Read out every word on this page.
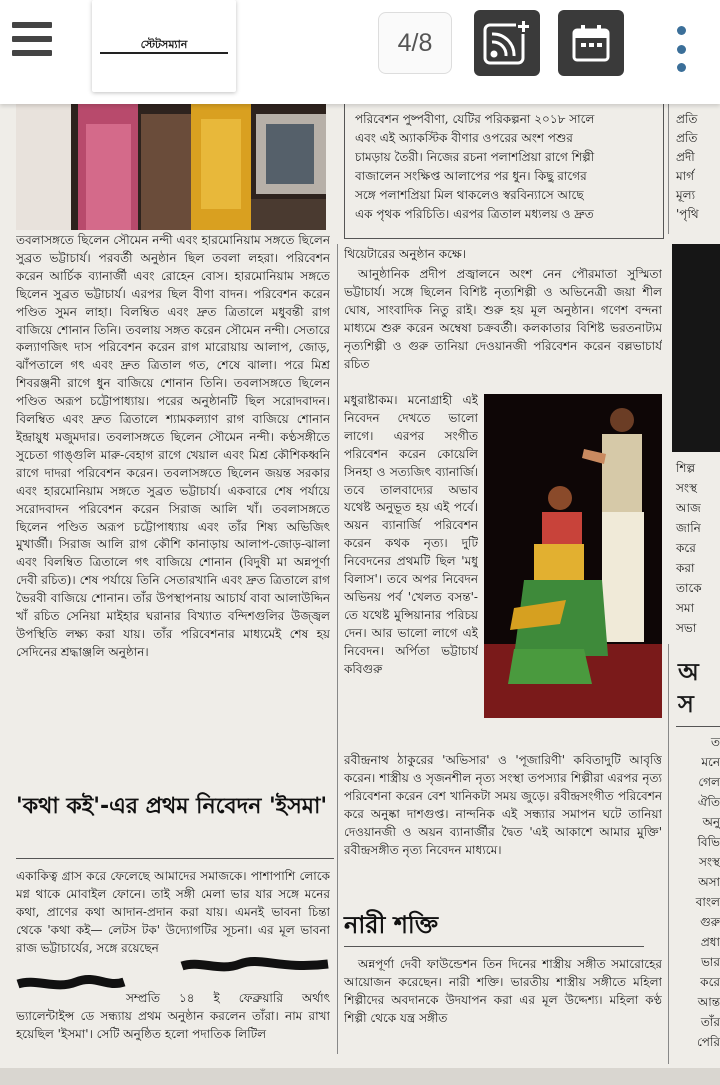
স্টেটসম্যান	4/8
পরিবেশন পুষ্পবীণা, যেটির পরিকল্পনা ২০১৮ সালে
এবং এই অ্যাকস্টিক বীণার ওপরের অংশ পশুর
চামড়ায় তৈরী। নিজের রচনা পলাশপ্রিয়া রাগে শিল্পী
বাজালেন সংক্ষিপ্ত আলাপের পর ধুন। কিছু রাগের
সঙ্গে পলাশপ্রিয়া মিল থাকলেও স্বরবিন্যাসে আছে
এক পৃথক পরিচিতি। এরপর ত্রিতাল মধ্যলয় ও দ্রুত
তবলাসঙ্গতে ছিলেন সৌমেন নন্দী এবং হারমোনিয়াম সঙ্গতে ছিলেন সুব্রত ভট্টাচার্য। পরবর্তী অনুষ্ঠান ছিল তবলা লহরা। পরিবেশন করেন আর্চিক ব্যানার্জী এবং রোহেন বোস। হারমোনিয়াম সঙ্গতে ছিলেন সুব্রত ভট্টাচার্য। এরপর ছিল বীণা বাদন। পরিবেশন করেন পণ্ডিত সুমন লাহা। বিলম্বিত এবং দ্রুত ত্রিতালে মধুবন্তী রাগ বাজিয়ে শোনান তিনি। তবলায় সঙ্গত করেন সৌমেন নন্দী। সেতারে কল্যাণজিৎ দাস পরিবেশন করেন রাগ মারোয়ায় আলাপ, জোড়, ঝাঁপতালে গৎ এবং দ্রুত ত্রিতাল গত, শেষে ঝালা। পরে মিশ্র শিবরঞ্জনী রাগে ধুন বাজিয়ে শোনান তিনি। তবলাসঙ্গতে ছিলেন পণ্ডিত অরূপ চট্টোপাধ্যায়। পরের অনুষ্ঠানটি ছিল সরোদবাদন। বিলম্বিত এবং দ্রুত ত্রিতালে শ্যামকল্যাণ রাগ বাজিয়ে শোনান ইন্দ্রায়ুধ মজুমদার। তবলাসঙ্গতে ছিলেন সৌমেন নন্দী। কণ্ঠসঙ্গীতে সুচেতা গাঙ্গুলি মারু-বেহাগ রাগে খেয়াল এবং মিশ্র কৌশিকধ্বনি রাগে দাদরা পরিবেশন করেন। তবলাসঙ্গতে ছিলেন জয়ন্ত সরকার এবং হারমোনিয়াম সঙ্গতে সুব্রত ভট্টাচার্য। একবারে শেষ পর্যায়ে সরোদবাদন পরিবেশন করেন সিরাজ আলি খাঁ। তবলাসঙ্গতে ছিলেন পণ্ডিত অরূপ চট্টোপাধ্যায় এবং তাঁর শিষ্য অভিজিৎ মুখার্জী। সিরাজ আলি রাগ কৌশি কানাড়ায় আলাপ-জোড়-ঝালা এবং বিলম্বিত ত্রিতালে গৎ বাজিয়ে শোনান (বিদুষী মা অন্নপূর্ণা দেবী রচিত)। শেষ পর্যায়ে তিনি সেতারখানি এবং দ্রুত ত্রিতালে রাগ ভৈরবী বাজিয়ে শোনান। তাঁর উপস্থাপনায় আচার্য বাবা আলাউদ্দিন খাঁ রচিত সেনিয়া মাইহার ঘরানার বিখ্যাত বন্দিশগুলির উজ্জ্বল উপস্থিতি লক্ষ্য করা যায়। তাঁর পরিবেশনার মাধ্যমেই শেষ হয় সেদিনের শ্রদ্ধাঞ্জলি অনুষ্ঠান।
'কথা কই'-এর প্রথম নিবেদন 'ইসমা'
একাকিত্ব গ্রাস করে ফেলেছে আমাদের সমাজকে। পাশাপাশি লোকে মগ্ন থাকে মোবাইল ফোনে। তাই সঙ্গী মেলা ভার যার সঙ্গে মনের কথা, প্রাণের কথা আদান-প্রদান করা যায়। এমনই ভাবনা চিন্তা থেকে 'কথা কই— লেটস টক' উদ্যোগটির সূচনা। এর মূল ভাবনা রাজ ভট্টাচার্যের, সঙ্গে রয়েছেন
সম্প্রতি ১৪ ই ফেব্রুয়ারি অর্থাৎ ভ্যালেন্টাইন্স ডে সন্ধ্যায় প্রথম অনুষ্ঠান করলেন তাঁরা। নাম রাখা হয়েছিল 'ইসমা'। সেটি অনুষ্ঠিত হলো পদাতিক লিটিল
থিয়েটারের অনুষ্ঠান কক্ষে।
আনুষ্ঠানিক প্রদীপ প্রজ্বালনে অংশ নেন পৌরমাতা সুস্মিতা ভট্টাচার্য। সঙ্গে ছিলেন বিশিষ্ট নৃত্যশিল্পী ও অভিনেত্রী জয়া শীল ঘোষ, সাংবাদিক নিতু রাই। শুরু হয় মূল অনুষ্ঠান। গণেশ বন্দনা মাধ্যমে শুরু করেন অম্বেষা চক্রবর্তী। কলকাতার বিশিষ্ট ভরতনাট্যম নৃত্যশিল্পী ও গুরু তানিয়া দেওয়ানজী পরিবেশন করেন বল্লভাচার্য রচিত
মধুরাষ্টাকম। মনোগ্রাহী এই নিবেদন দেখতে ভালো লাগে। এরপর সংগীত পরিবেশন করেন কোয়েলি সিনহা ও সত্যজিৎ ব্যানার্জি। তবে তালবাদ্যের অভাব যথেষ্ট অনুভূত হয় এই পর্বে। অয়ন ব্যানার্জি পরিবেশন করেন কথক নৃত্য। দুটি নিবেদনের প্রথমটি ছিল 'মধু বিলাস'। তবে অপর নিবেদন অভিনয় পর্ব 'খেলত বসন্ত'-তে যথেষ্ট মুন্সিয়ানার পরিচয় দেন। আর ভালো লাগে এই নিবেদন। অর্পিতা ভট্টাচার্য কবিগুরু
রবীন্দ্রনাথ ঠাকুরের 'অভিসার' ও 'পূজারিণী' কবিতাদুটি আবৃত্তি করেন। শাস্ত্রীয় ও সৃজনশীল নৃত্য সংস্থা তপস্যার শিল্পীরা এরপর নৃত্য পরিবেশনা করেন বেশ খানিকটা সময় জুড়ে। রবীন্দ্রসংগীত পরিবেশন করে অনুষ্কা দাশগুপ্ত। নান্দনিক এই সন্ধ্যার সমাপন ঘটে তানিয়া দেওয়ানজী ও অয়ন ব্যানার্জীর দ্বৈত 'এই আকাশে আমার মুক্তি' রবীন্দ্রসঙ্গীত নৃত্য নিবেদন মাধ্যমে।
নারী শক্তি
অন্নপূর্ণা দেবী ফাউন্ডেশন তিন দিনের শাস্ত্রীয় সঙ্গীত সমারোহের আয়োজন করেছেন। নারী শক্তি। ভারতীয় শাস্ত্রীয় সঙ্গীতে মহিলা শিল্পীদের অবদানকে উদযাপন করা এর মূল উদ্দেশ্য। মহিলা কণ্ঠ শিল্পী থেকে যন্ত্র সঙ্গীত
প্রতি
প্রতি
প্রদী
মার্গ
মূল্য
'পৃথি
শিল্প
সংস্থ
আজ
জানি
করে
করা
তাকে
সমা
সভা
অ
স
ত
মনে
গেল
ঐতি
অনু
বিভি
সংস্থ
অসা
বাংল
গুরু
প্রধা
ভার
করে
আন্ত
তাঁর
পেরি
